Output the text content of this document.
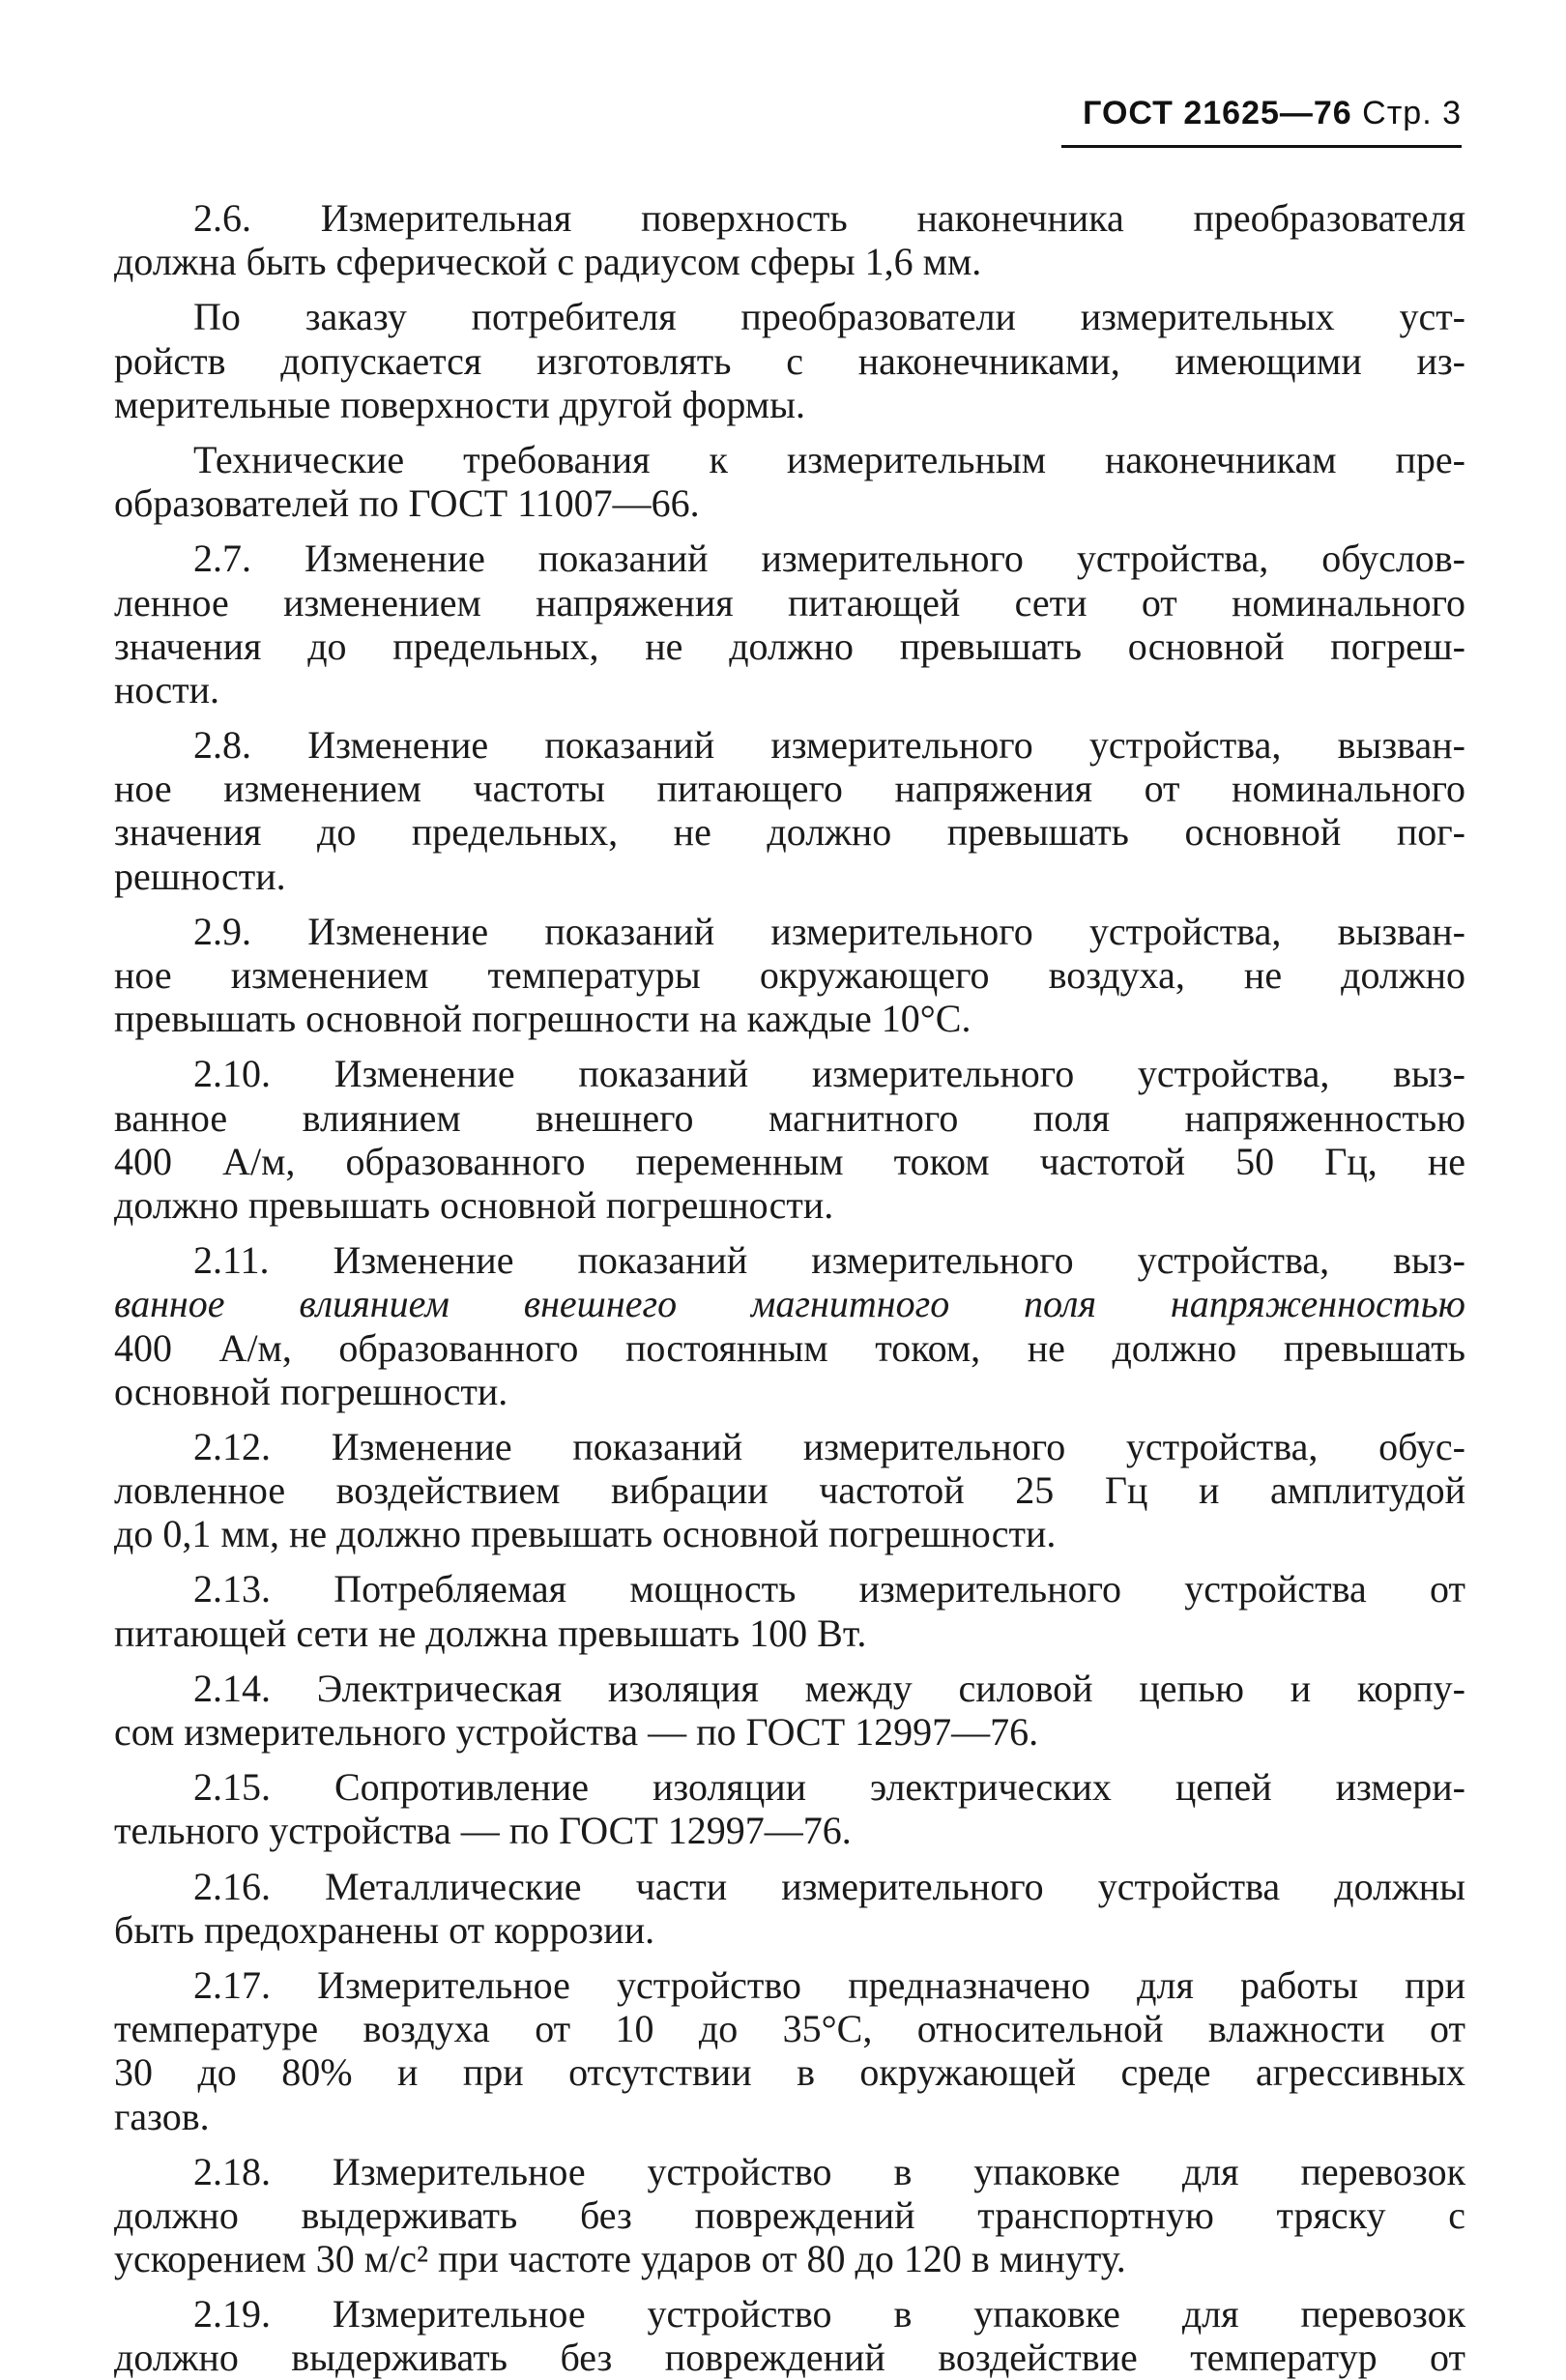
ГОСТ 21625—76 Стр. 3
2.6. Измерительная поверхность наконечника преобразователя
должна быть сферической с радиусом сферы 1,6 мм.
По заказу потребителя преобразователи измерительных уст-
ройств допускается изготовлять с наконечниками, имеющими из-
мерительные поверхности другой формы.
Технические требования к измерительным наконечникам пре-
образователей по ГОСТ 11007—66.
2.7. Изменение показаний измерительного устройства, обуслов-
ленное изменением напряжения питающей сети от номинального
значения до предельных, не должно превышать основной погреш-
ности.
2.8. Изменение показаний измерительного устройства, вызван-
ное изменением частоты питающего напряжения от номинального
значения до предельных, не должно превышать основной пог-
решности.
2.9. Изменение показаний измерительного устройства, вызван-
ное изменением температуры окружающего воздуха, не должно
превышать основной погрешности на каждые 10°С.
2.10. Изменение показаний измерительного устройства, выз-
ванное влиянием внешнего магнитного поля напряженностью
400 А/м, образованного переменным током частотой 50 Гц, не
должно превышать основной погрешности.
2.11. Изменение показаний измерительного устройства, выз-
ванное влиянием внешнего магнитного поля напряженностью
400 А/м, образованного постоянным током, не должно превышать
основной погрешности.
2.12. Изменение показаний измерительного устройства, обус-
ловленное воздействием вибрации частотой 25 Гц и амплитудой
до 0,1 мм, не должно превышать основной погрешности.
2.13. Потребляемая мощность измерительного устройства от
питающей сети не должна превышать 100 Вт.
2.14. Электрическая изоляция между силовой цепью и корпу-
сом измерительного устройства — по ГОСТ 12997—76.
2.15. Сопротивление изоляции электрических цепей измери-
тельного устройства — по ГОСТ 12997—76.
2.16. Металлические части измерительного устройства должны
быть предохранены от коррозии.
2.17. Измерительное устройство предназначено для работы при
температуре воздуха от 10 до 35°С, относительной влажности от
30 до 80% и при отсутствии в окружающей среде агрессивных
газов.
2.18. Измерительное устройство в упаковке для перевозок
должно выдерживать без повреждений транспортную тряску с
ускорением 30 м/с² при частоте ударов от 80 до 120 в минуту.
2.19. Измерительное устройство в упаковке для перевозок
должно выдерживать без повреждений воздействие температур от
